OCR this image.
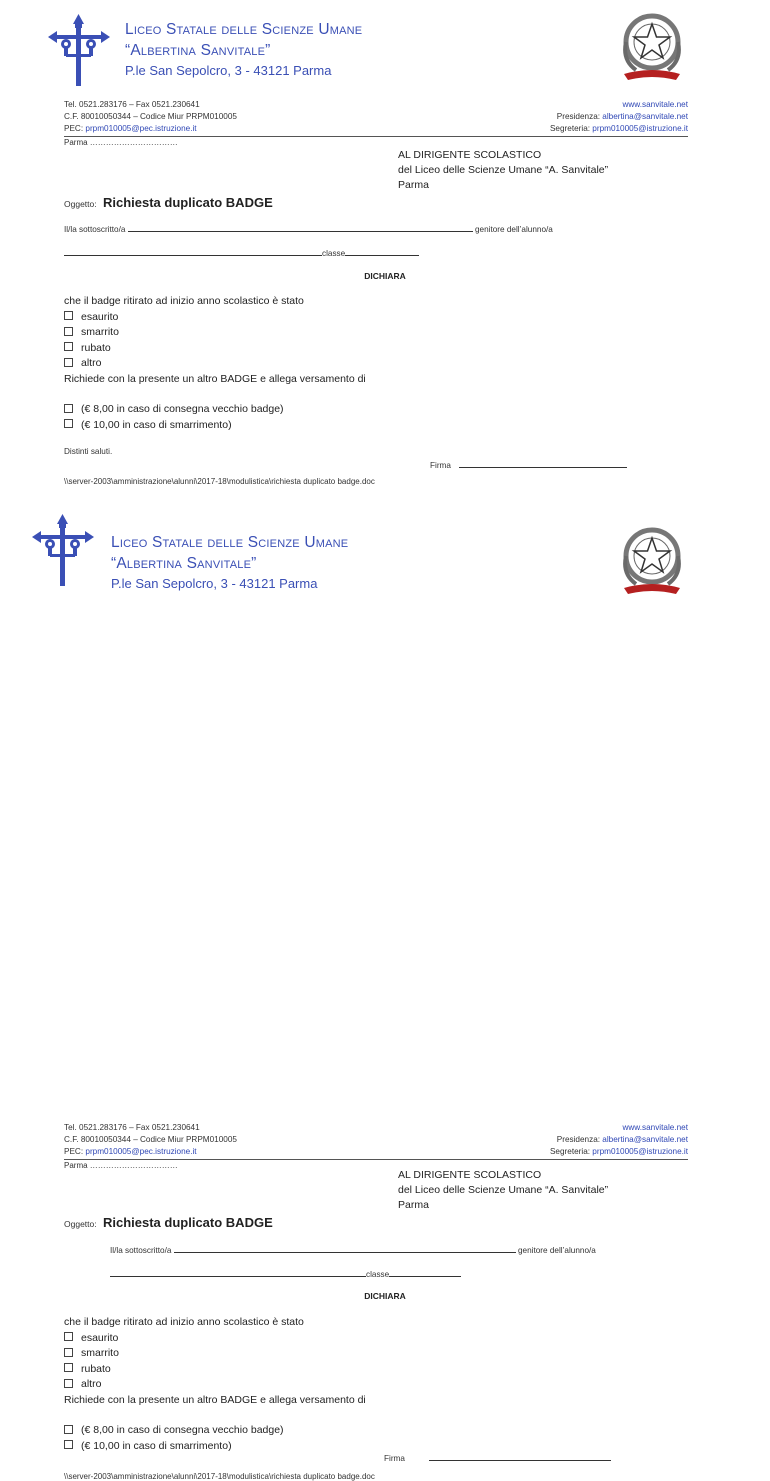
Liceo Statale delle Scienze Umane
“Albertina Sanvitale”
P.le San Sepolcro, 3 - 43121 Parma
Tel. 0521.283176 – Fax 0521.230641	www.sanvitale.net
C.F. 80010050344 – Codice Miur PRPM010005	Presidenza: albertina@sanvitale.net
PEC: prpm010005@pec.istruzione.it	Segreteria: prpm010005@istruzione.it
Parma ……………………………
AL DIRIGENTE SCOLASTICO
del Liceo delle Scienze Umane “A. Sanvitale”
Parma
Oggetto: Richiesta duplicato BADGE
Il/la sottoscritto/a	genitore dell’alunno/a
classe
DICHIARA
che il badge ritirato ad inizio anno scolastico è stato
esaurito
smarrito
rubato
altro
Richiede con la presente un altro BADGE e allega versamento di
(€ 8,00 in caso di consegna vecchio badge)
(€ 10,00 in caso di smarrimento)
Distinti saluti.
Firma
\\server-2003\amministrazione\alunni\2017-18\modulistica\richiesta duplicato badge.doc
Liceo Statale delle Scienze Umane
“Albertina Sanvitale”
P.le San Sepolcro, 3 - 43121 Parma
Tel. 0521.283176 – Fax 0521.230641	www.sanvitale.net
C.F. 80010050344 – Codice Miur PRPM010005	Presidenza: albertina@sanvitale.net
PEC: prpm010005@pec.istruzione.it	Segreteria: prpm010005@istruzione.it
Parma ……………………………
AL DIRIGENTE SCOLASTICO
del Liceo delle Scienze Umane “A. Sanvitale”
Parma
Oggetto: Richiesta duplicato BADGE
Il/la sottoscritto/a	genitore dell’alunno/a
classe
DICHIARA
che il badge ritirato ad inizio anno scolastico è stato
esaurito
smarrito
rubato
altro
Richiede con la presente un altro BADGE e allega versamento di
(€ 8,00 in caso di consegna vecchio badge)
(€ 10,00 in caso di smarrimento)
Firma
\\server-2003\amministrazione\alunni\2017-18\modulistica\richiesta duplicato badge.doc
